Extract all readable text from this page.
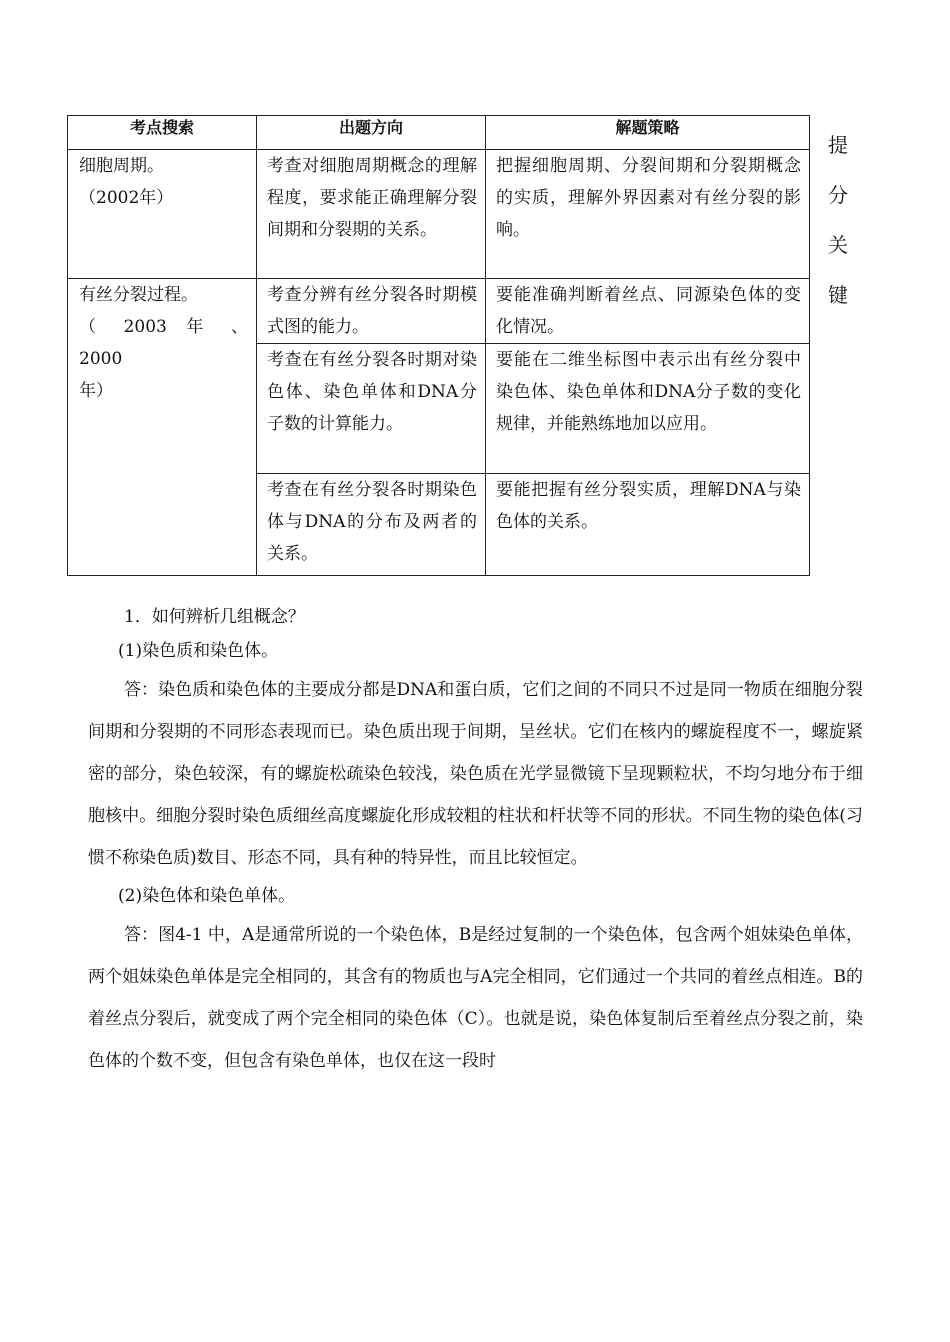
考点搜索	出题方向	解题策略

细胞周期。
（2002年）	考查对细胞周期概念的理解程度，要求能正确理解分裂间期和分裂期的关系。	把握细胞周期、分裂间期和分裂期概念的实质，理解外界因素对有丝分裂的影响。

有丝分裂过程。
（ 2003 年 、 2000
年）	考查分辨有丝分裂各时期模式图的能力。	要能准确判断着丝点、同源染色体的变化情况。
	考查在有丝分裂各时期对染色体、染色单体和DNA分子数的计算能力。	要能在二维坐标图中表示出有丝分裂中染色体、染色单体和DNA分子数的变化规律，并能熟练地加以应用。
	考查在有丝分裂各时期染色体与DNA的分布及两者的关系。	要能把握有丝分裂实质，理解DNA与染色体的关系。
提
分
关
键

1．如何辨析几组概念？

(1)染色质和染色体。

答：染色质和染色体的主要成分都是DNA和蛋白质，它们之间的不同只不过是同一物质在细胞分裂间期和分裂期的不同形态表现而已。染色质出现于间期，呈丝状。它们在核内的螺旋程度不一，螺旋紧密的部分，染色较深，有的螺旋松疏染色较浅，染色质在光学显微镜下呈现颗粒状，不均匀地分布于细胞核中。细胞分裂时染色质细丝高度螺旋化形成较粗的柱状和杆状等不同的形状。不同生物的染色体(习惯不称染色质)数目、形态不同，具有种的特异性，而且比较恒定。

(2)染色体和染色单体。

答：图4-1 中，A是通常所说的一个染色体，B是经过复制的一个染色体，包含两个姐妹染色单体，两个姐妹染色单体是完全相同的，其含有的物质也与A完全相同，它们通过一个共同的着丝点相连。B的着丝点分裂后，就变成了两个完全相同的染色体（C）。也就是说，染色体复制后至着丝点分裂之前，染色体的个数不变，但包含有染色单体，也仅在这一段时
